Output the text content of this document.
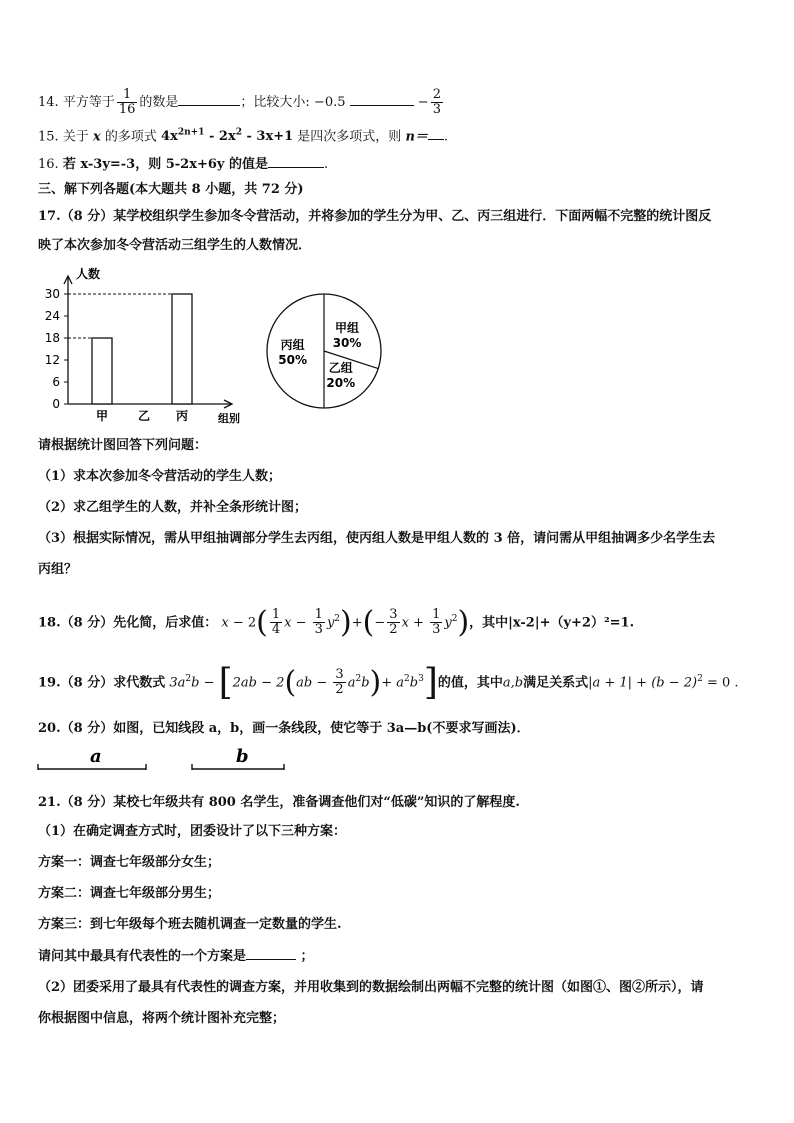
14. 平方等于 $\frac{1}{16}$ 的数是	；比较大小: −0.5	− $\frac{2}{3}$
15. 关于 x 的多项式 $4x^{2n+1} - 2x^2 - 3x+1$ 是四次多项式，则 n＝ .
16. 若 x-3y=-3，则 5-2x+6y 的值是	.
三、解下列各题(本大题共 8 小题，共 72 分)
17.（8 分）某学校组织学生参加冬令营活动，并将参加的学生分为甲、乙、丙三组进行．下面两幅不完整的统计图反
映了本次参加冬令营活动三组学生的人数情况．
人数
组别
0
6
12
18
24
30
甲 乙 丙
甲组
30%
乙组
20%
丙组
50%
请根据统计图回答下列问题：
（1）求本次参加冬令营活动的学生人数；
（2）求乙组学生的人数，并补全条形统计图；
（3）根据实际情况，需从甲组抽调部分学生去丙组，使丙组人数是甲组人数的 3 倍，请问需从甲组抽调多少名学生去
丙组？
18.（8 分）先化简，后求值： $x - 2( \frac{1}{4}$ $x - \frac{1}{3} y^2)+(- \frac{3}{2}$ $x + \frac{1}{3} y^2$)，其中|x-2|+（y+2）²=1.
19.（8 分）求代数式 $3a^2b - [2ab - 2(ab - \frac{3}{2} a^2b)+ a^2b^3]$的值，其中a,b满足关系式$|a + 1| + (b - 2)^2 = 0$ .
20.（8 分）如图，已知线段 a，b，画一条线段，使它等于 3a—b(不要求写画法)．
a	b
21.（8 分）某校七年级共有 800 名学生，准备调查他们对“低碳”知识的了解程度.
（1）在确定调查方式时，团委设计了以下三种方案：
方案一：调查七年级部分女生；
方案二：调查七年级部分男生；
方案三：到七年级每个班去随机调查一定数量的学生.
请问其中最具有代表性的一个方案是	；
（2）团委采用了最具有代表性的调查方案，并用收集到的数据绘制出两幅不完整的统计图（如图①、图②所示），请
你根据图中信息，将两个统计图补充完整；
